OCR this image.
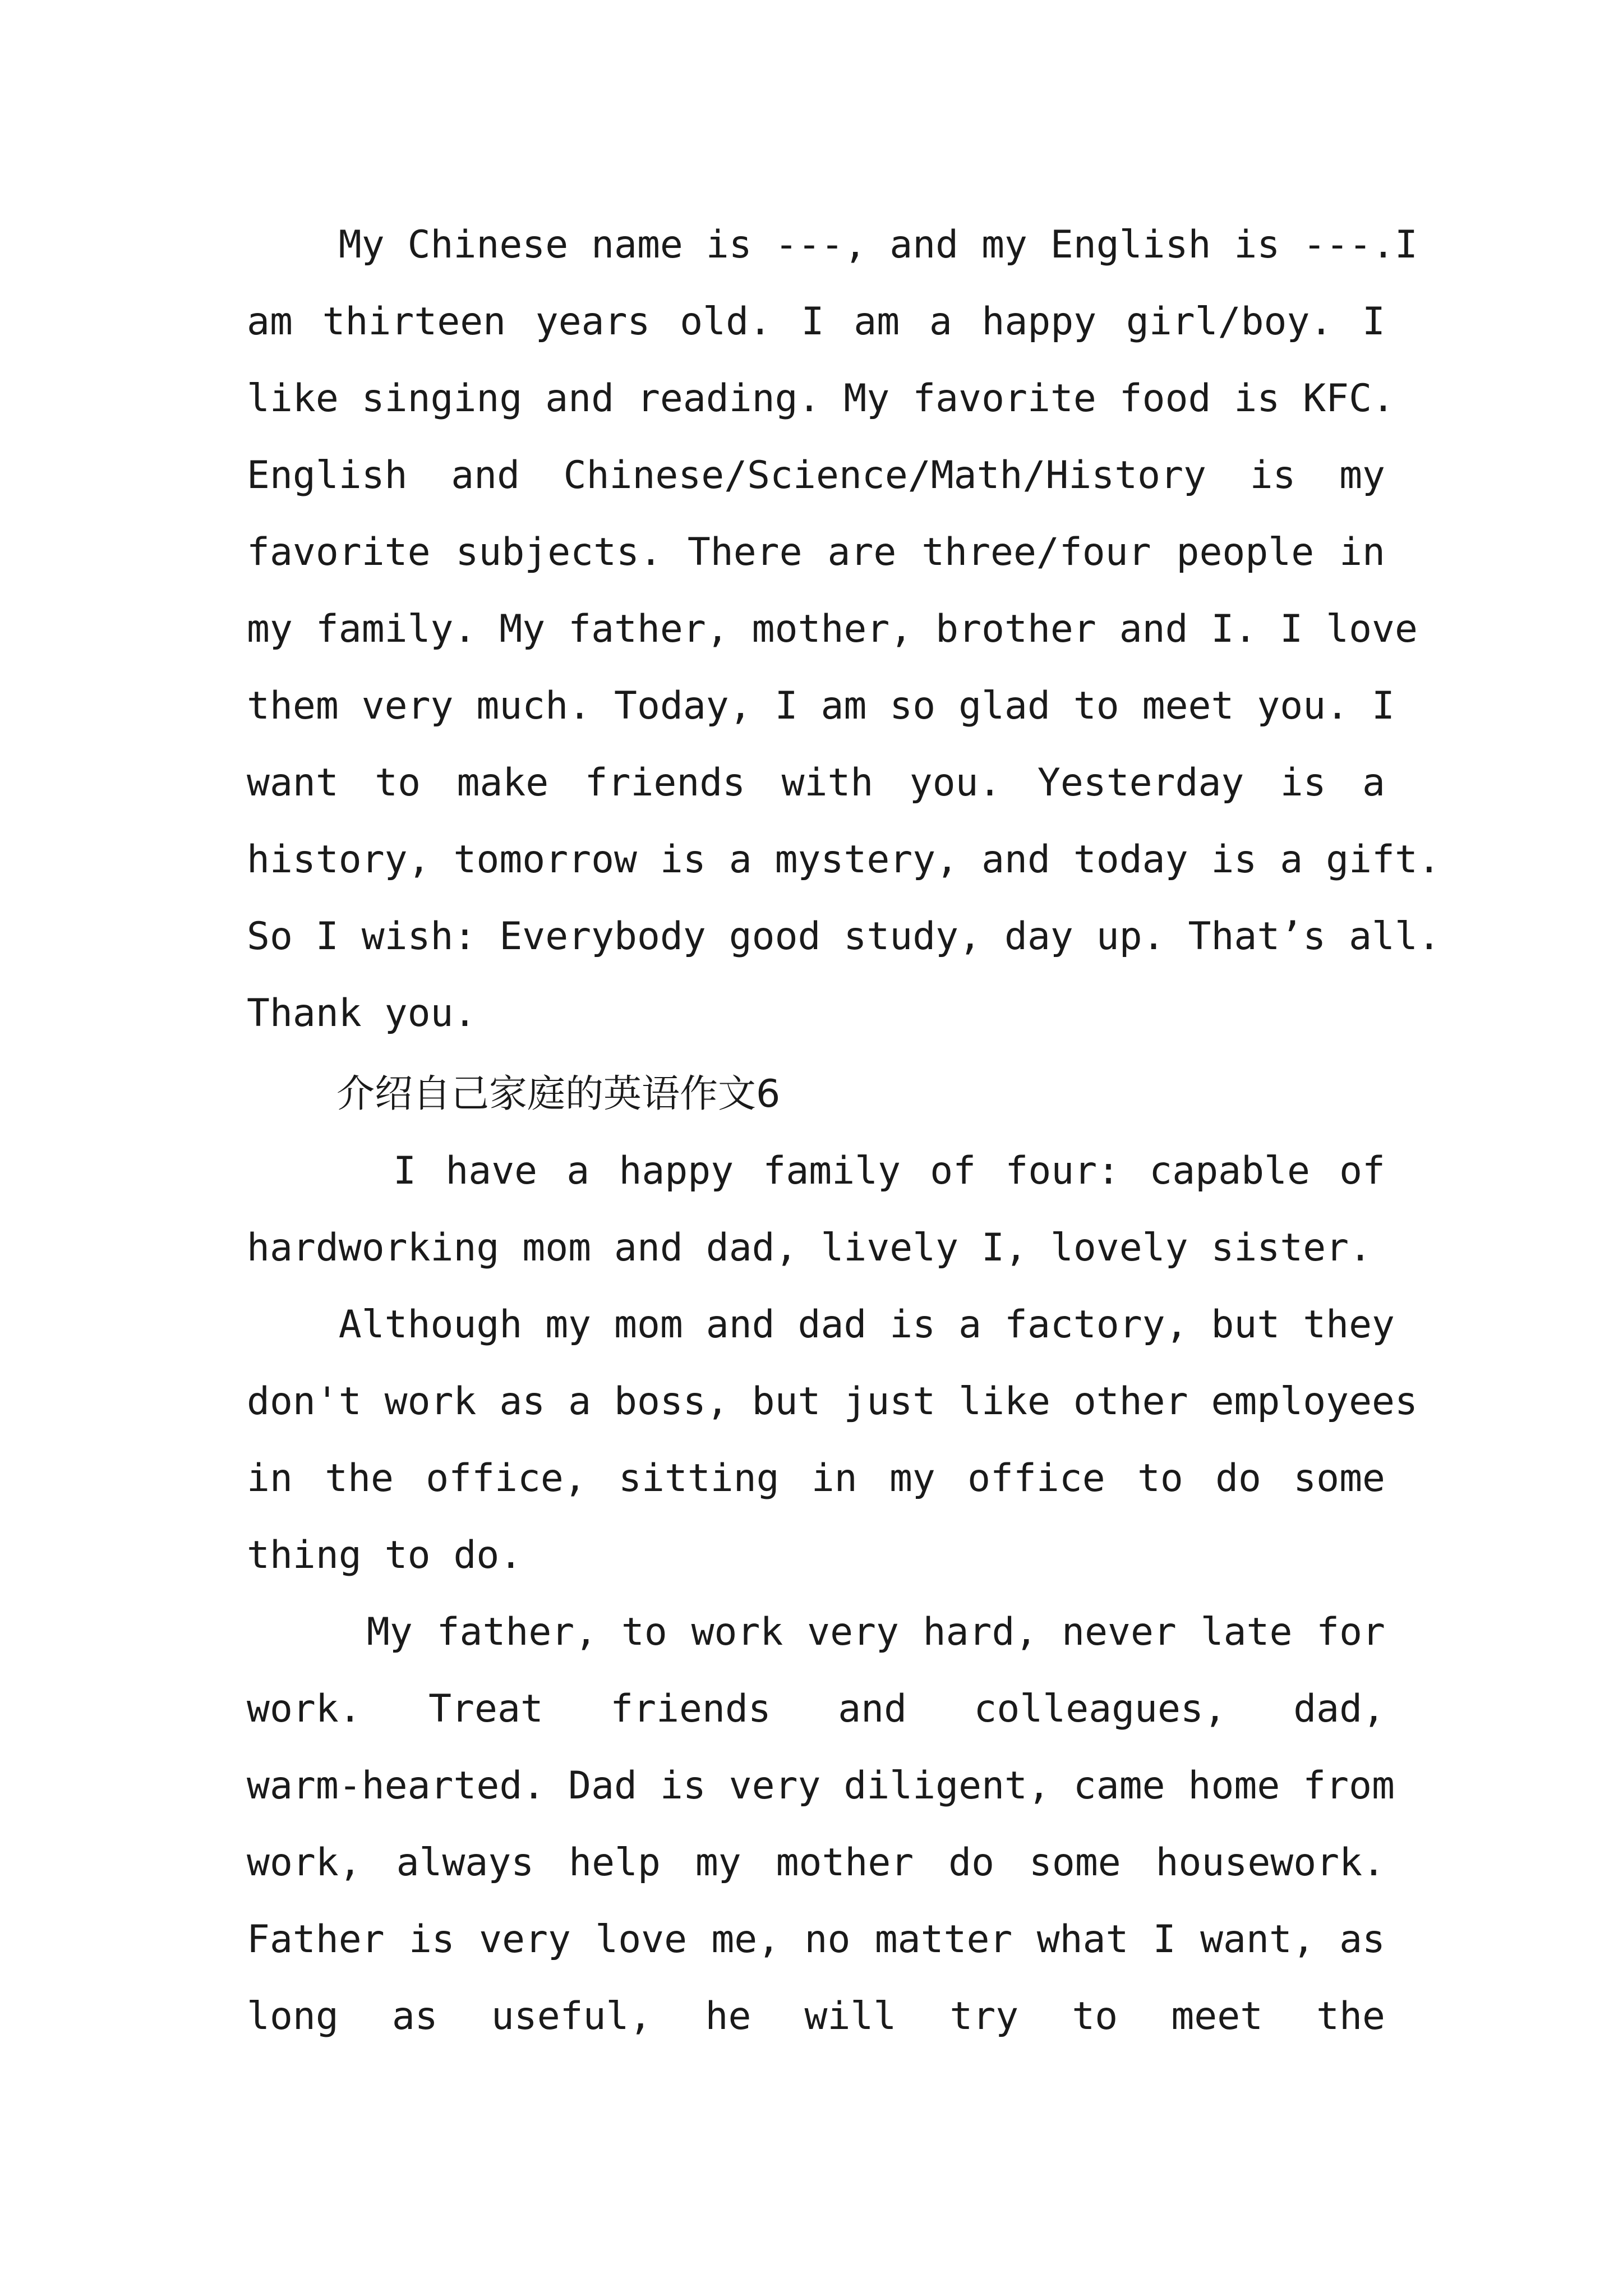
My Chinese name is ---, and my English is ---.I
am thirteen years old. I am a happy girl/boy. I
like singing and reading. My favorite food is KFC.
English and Chinese/Science/Math/History is my
favorite subjects. There are three/four people in
my family. My father, mother, brother and I. I love
them very much. Today, I am so glad to meet you. I
want to make friends with you. Yesterday is a
history, tomorrow is a mystery, and today is a gift.
So I wish: Everybody good study, day up. That’s all.
Thank you.
介绍自己家庭的英语作文6
I have a happy family of four: capable of
hardworking mom and dad, lively I, lovely sister.
Although my mom and dad is a factory, but they
don't work as a boss, but just like other employees
in the office, sitting in my office to do some
thing to do.
My father, to work very hard, never late for
work. Treat friends and colleagues, dad,
warm-hearted. Dad is very diligent, came home from
work, always help my mother do some housework.
Father is very love me, no matter what I want, as
long as useful, he will try to meet the
